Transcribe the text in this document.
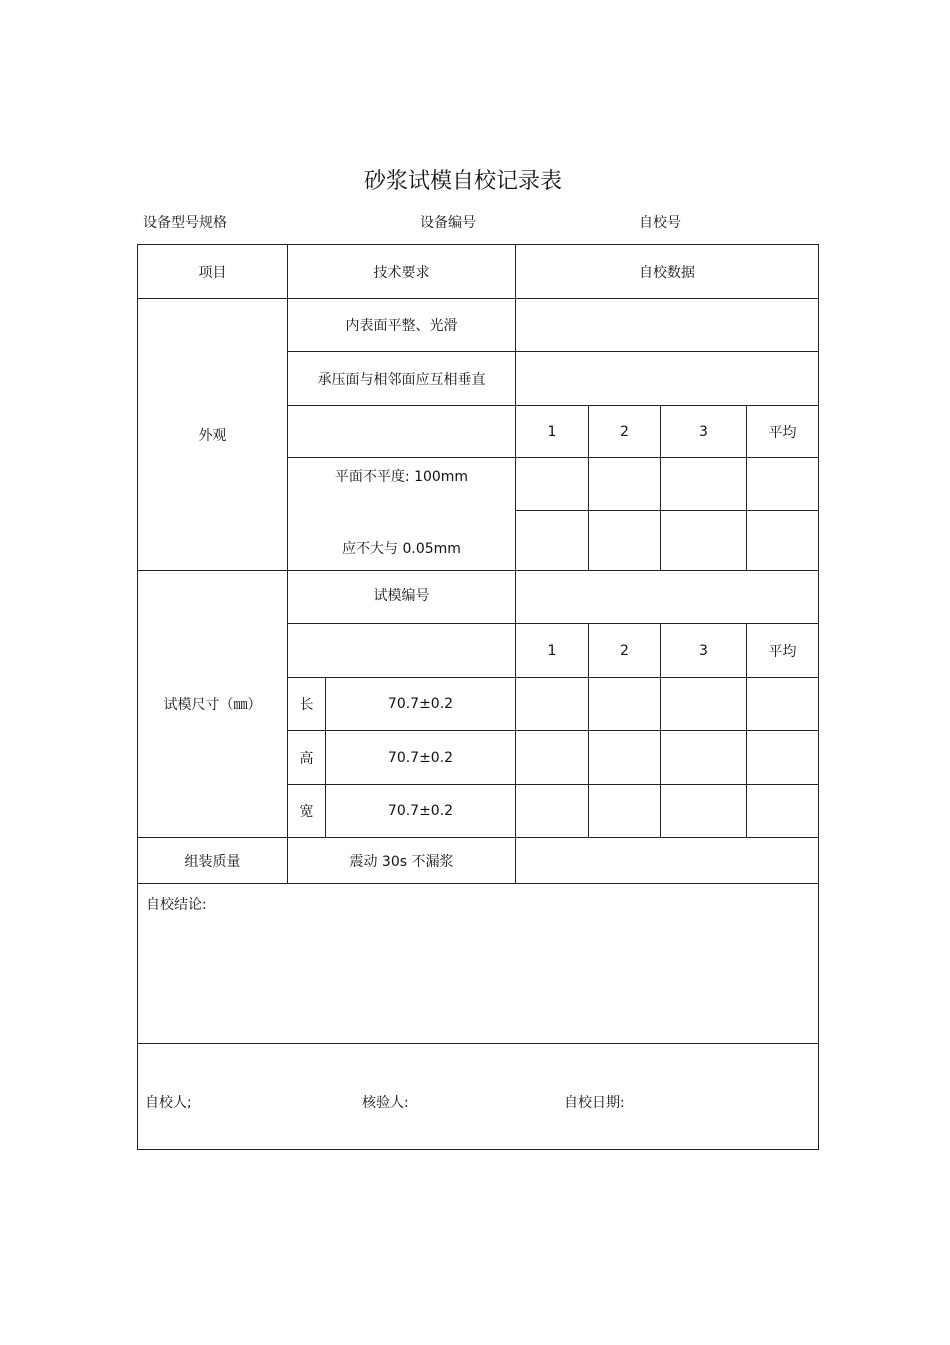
砂浆试模自校记录表
设备型号规格	设备编号	自校号
项目	技术要求		自校数据			
外观	内表面平整、光滑					
	承压面与相邻面应互相垂直					
			1	2	3	平均

	平面不平度: 100mm
应不大与 0.05mm					

试模尺寸（㎜）	试模编号					
			1	2	3	平均
	长	70.7±0.2				
	高	70.7±0.2				
	宽	70.7±0.2				
组装质量	震动 30s 不漏浆					
自校结论:						

自校人; 核验人: 自校日期:						
